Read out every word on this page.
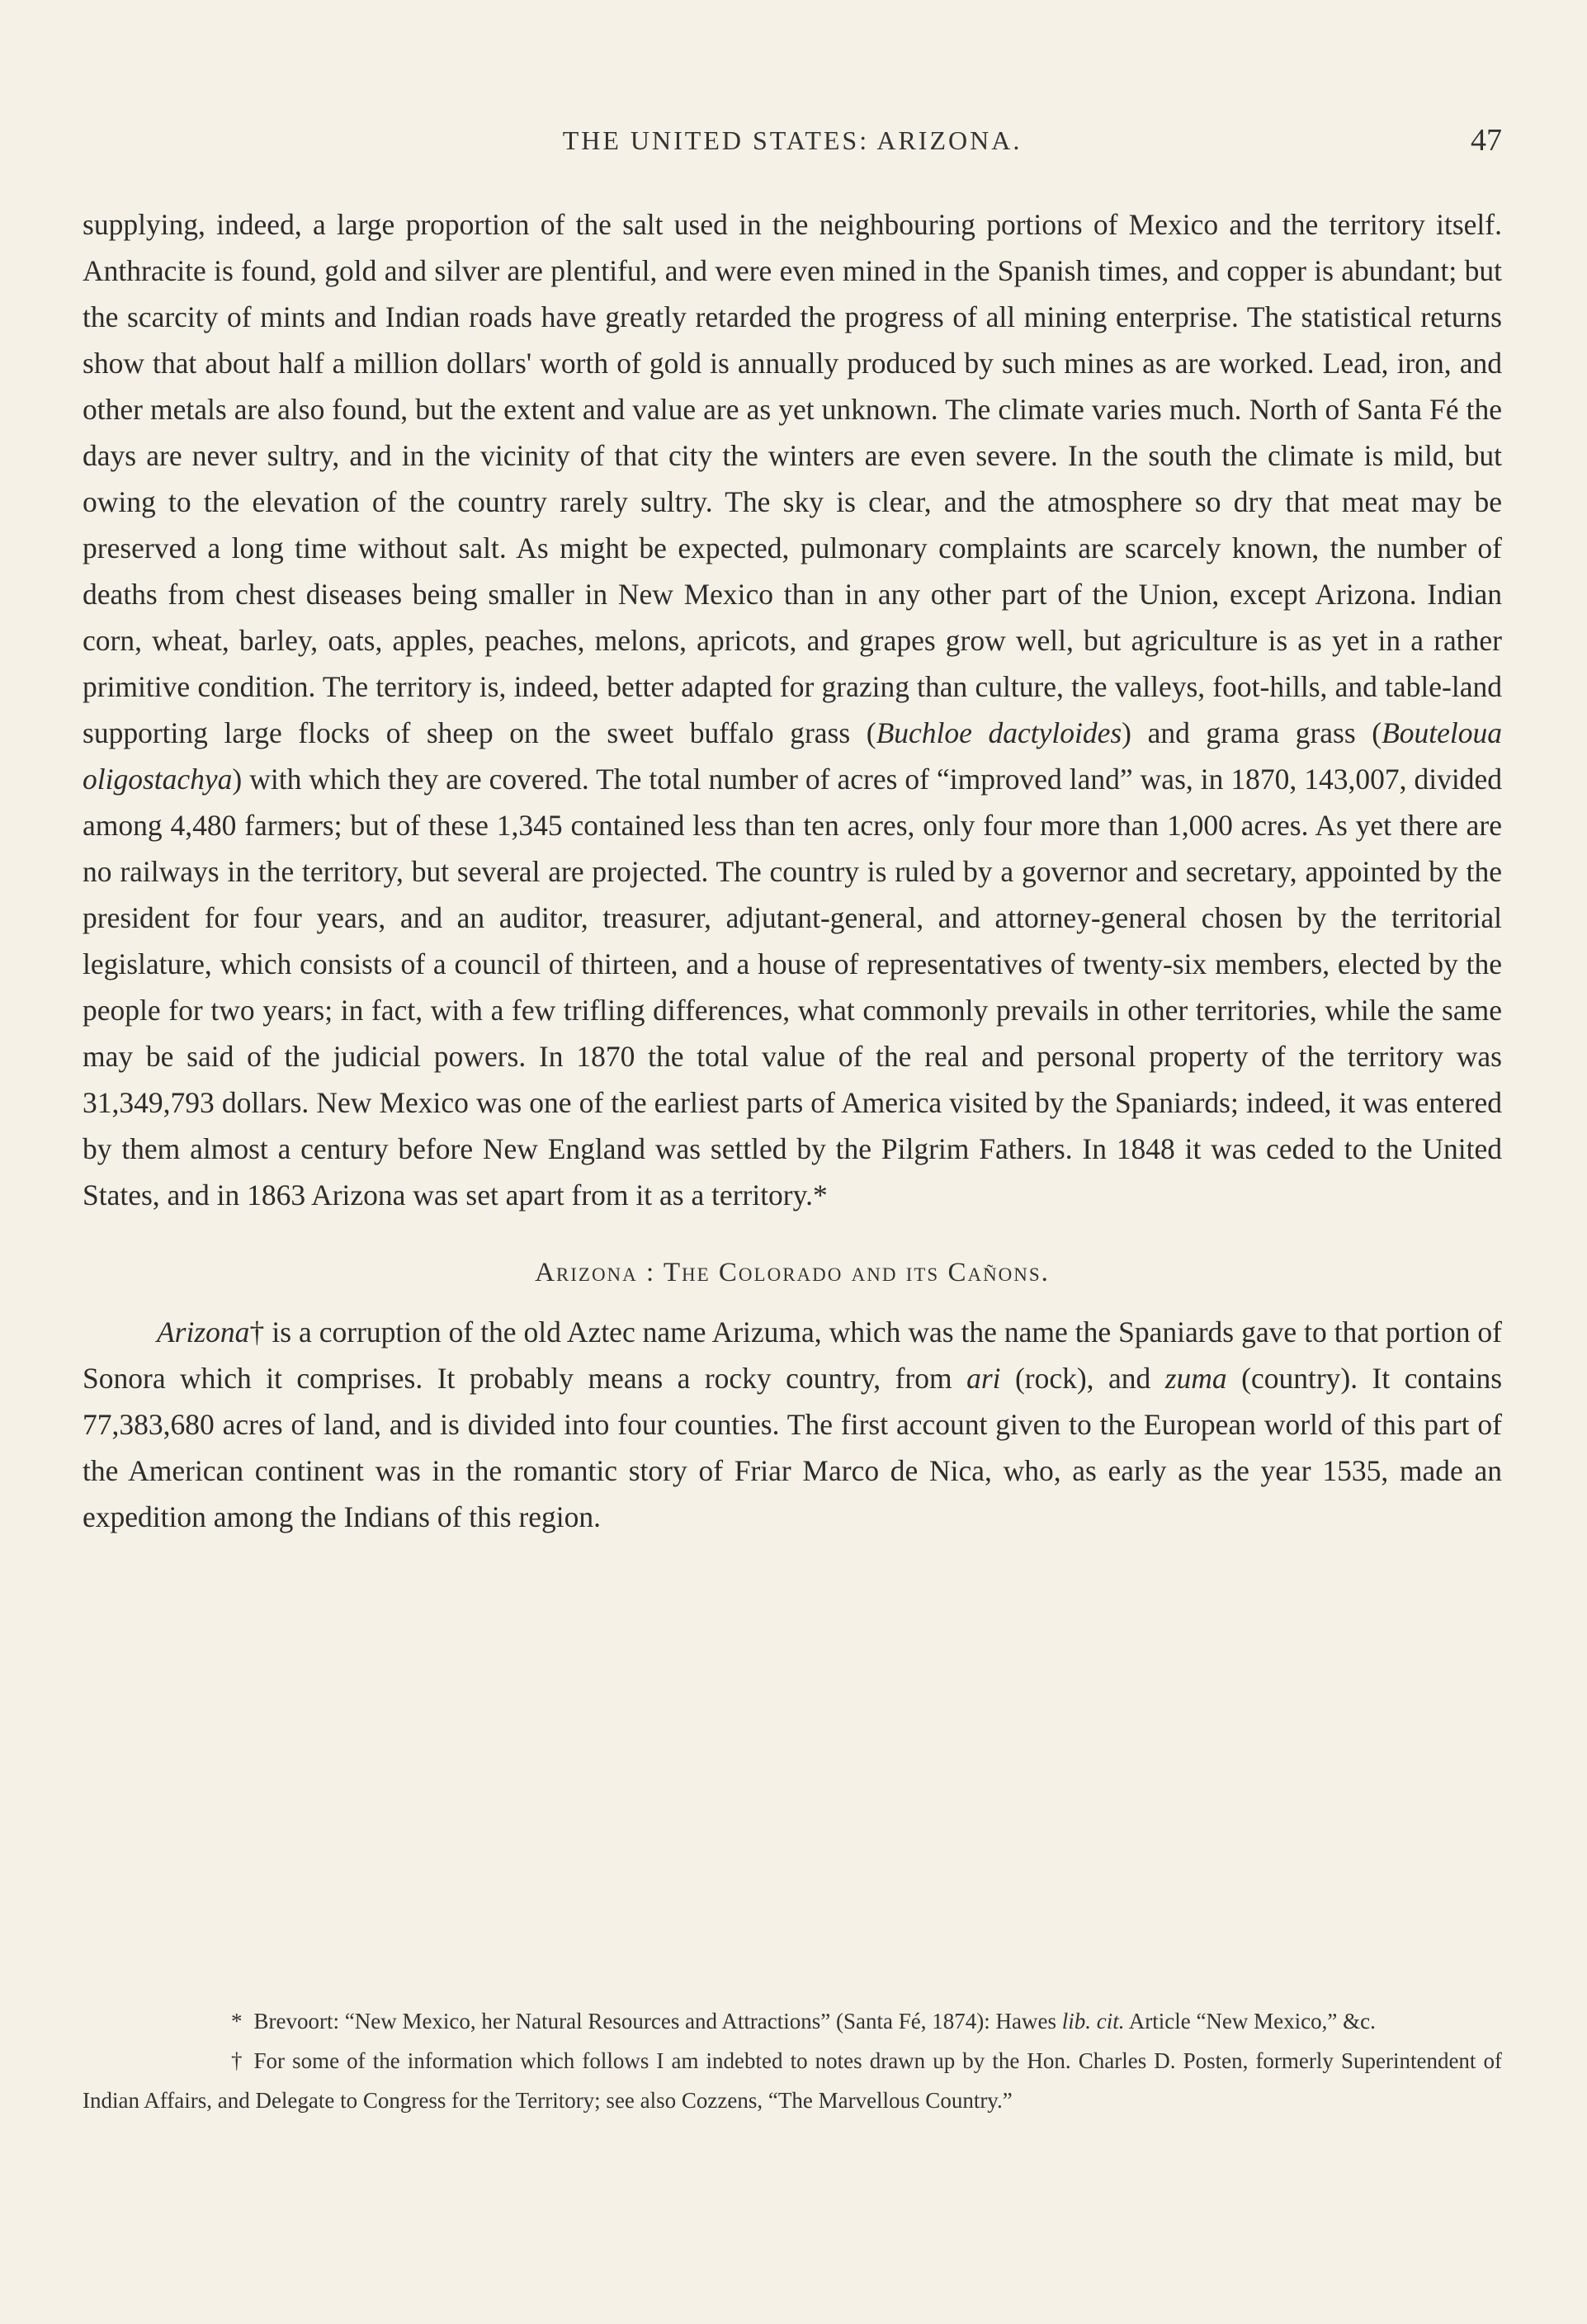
THE UNITED STATES: ARIZONA.	47

supplying, indeed, a large proportion of the salt used in the neighbouring portions of Mexico and the territory itself. Anthracite is found, gold and silver are plentiful, and were even mined in the Spanish times, and copper is abundant; but the scarcity of mints and Indian roads have greatly retarded the progress of all mining enterprise. The statistical returns show that about half a million dollars' worth of gold is annually produced by such mines as are worked. Lead, iron, and other metals are also found, but the extent and value are as yet unknown. The climate varies much. North of Santa Fé the days are never sultry, and in the vicinity of that city the winters are even severe. In the south the climate is mild, but owing to the elevation of the country rarely sultry. The sky is clear, and the atmosphere so dry that meat may be preserved a long time without salt. As might be expected, pulmonary complaints are scarcely known, the number of deaths from chest diseases being smaller in New Mexico than in any other part of the Union, except Arizona. Indian corn, wheat, barley, oats, apples, peaches, melons, apricots, and grapes grow well, but agriculture is as yet in a rather primitive condition. The territory is, indeed, better adapted for grazing than culture, the valleys, foot-hills, and table-land supporting large flocks of sheep on the sweet buffalo grass (Buchloe dactyloides) and grama grass (Bouteloua oligostachya) with which they are covered. The total number of acres of “improved land” was, in 1870, 143,007, divided among 4,480 farmers; but of these 1,345 contained less than ten acres, only four more than 1,000 acres. As yet there are no railways in the territory, but several are projected. The country is ruled by a governor and secretary, appointed by the president for four years, and an auditor, treasurer, adjutant-general, and attorney-general chosen by the territorial legislature, which consists of a council of thirteen, and a house of representatives of twenty-six members, elected by the people for two years; in fact, with a few trifling differences, what commonly prevails in other territories, while the same may be said of the judicial powers. In 1870 the total value of the real and personal property of the territory was 31,349,793 dollars. New Mexico was one of the earliest parts of America visited by the Spaniards; indeed, it was entered by them almost a century before New England was settled by the Pilgrim Fathers. In 1848 it was ceded to the United States, and in 1863 Arizona was set apart from it as a territory.*

Arizona : The Colorado and its Cañons.

Arizona† is a corruption of the old Aztec name Arizuma, which was the name the Spaniards gave to that portion of Sonora which it comprises. It probably means a rocky country, from ari (rock), and zuma (country). It contains 77,383,680 acres of land, and is divided into four counties. The first account given to the European world of this part of the American continent was in the romantic story of Friar Marco de Nica, who, as early as the year 1535, made an expedition among the Indians of this region.

* Brevoort: “New Mexico, her Natural Resources and Attractions” (Santa Fé, 1874): Hawes lib. cit. Article “New Mexico,” &c.

† For some of the information which follows I am indebted to notes drawn up by the Hon. Charles D. Posten, formerly Superintendent of Indian Affairs, and Delegate to Congress for the Territory; see also Cozzens, “The Marvellous Country.”
